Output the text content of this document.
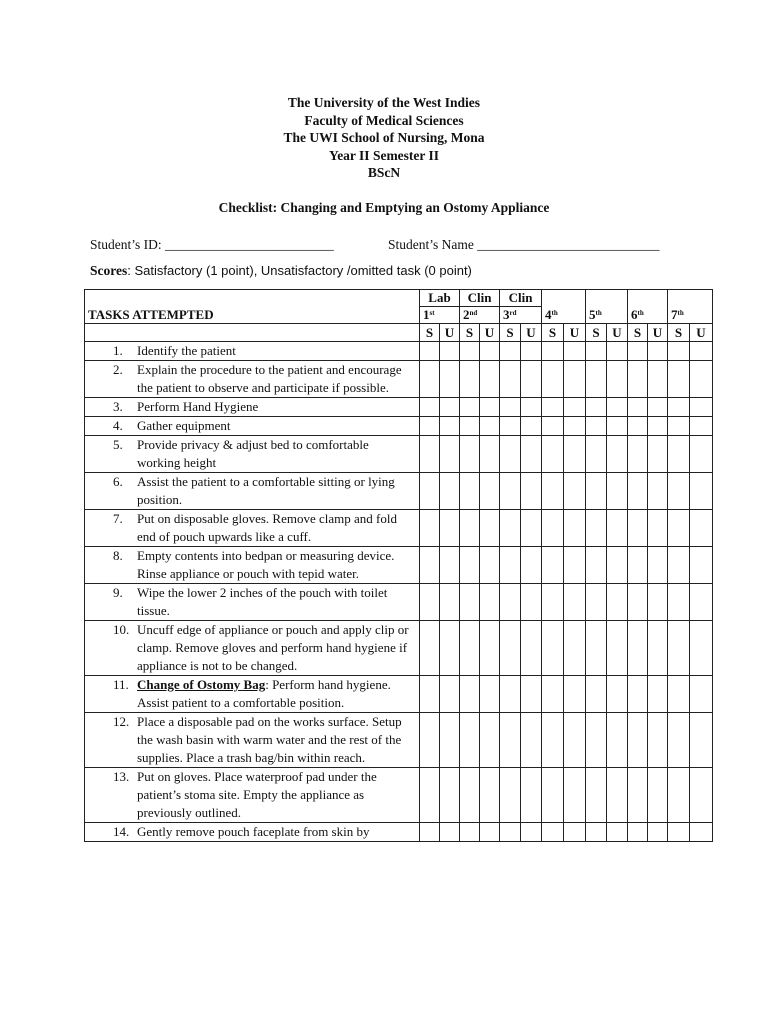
The University of the West Indies
Faculty of Medical Sciences
The UWI School of Nursing, Mona
Year II Semester II
BScN
Checklist: Changing and Emptying an Ostomy Appliance
Student’s ID: _________________________	Student’s Name ___________________________
Scores: Satisfactory (1 point), Unsatisfactory /omitted task (0 point)
	Lab		Clin		Clin									
TASKS ATTEMPTED	1st		2nd		3rd		4th		5th		6th		7th
	S	U	S	U	S	U	S	U	S	U	S	U	S	U

1. Identify the patient														

2. Explain the procedure to the patient and encourage the patient to observe and participate if possible.														

3. Perform Hand Hygiene														

4. Gather equipment														

5. Provide privacy & adjust bed to comfortable working height														

6. Assist the patient to a comfortable sitting or lying position.														

7. Put on disposable gloves. Remove clamp and fold end of pouch upwards like a cuff.														

8. Empty contents into bedpan or measuring device. Rinse appliance or pouch with tepid water.														

9. Wipe the lower 2 inches of the pouch with toilet tissue.														

10. Uncuff edge of appliance or pouch and apply clip or clamp. Remove gloves and perform hand hygiene if appliance is not to be changed.														

11. Change of Ostomy Bag: Perform hand hygiene. Assist patient to a comfortable position.														

12. Place a disposable pad on the works surface. Setup the wash basin with warm water and the rest of the supplies. Place a trash bag/bin within reach.														

13. Put on gloves. Place waterproof pad under the patient’s stoma site. Empty the appliance as previously outlined.														

14. Gently remove pouch faceplate from skin by														
